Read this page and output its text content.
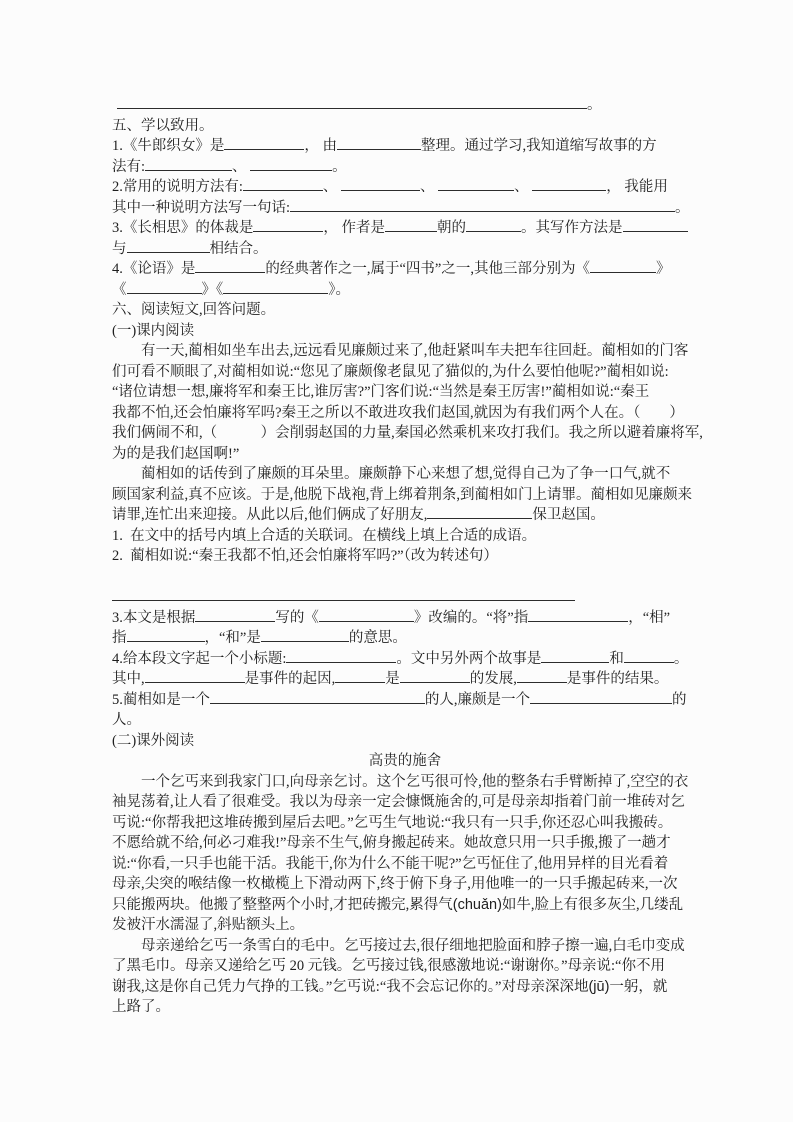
。
五、学以致用。
1.《牛郎织女》是	， 由	整理。通过学习,我知道缩写故事的方
法有:	、	。
2.常用的说明方法有:	、	、	、	， 我能用
其中一种说明方法写一句话:	。
3.《长相思》的体裁是	， 作者是	朝的	。其写作方法是
与	相结合。
4.《论语》是	的经典著作之一,属于“四书”之一,其他三部分别为《	》
《	》《	》。
六、阅读短文,回答问题。
(一)课内阅读
　　有一天,蔺相如坐车出去,远远看见廉颇过来了,他赶紧叫车夫把车往回赶。蔺相如的门客
们可看不顺眼了,对蔺相如说:“您见了廉颇像老鼠见了猫似的,为什么要怕他呢?”蔺相如说:
“诸位请想一想,廉将军和秦王比,谁厉害?”门客们说:“当然是秦王厉害!”蔺相如说:“秦王
我都不怕,还会怕廉将军吗?秦王之所以不敢进攻我们赵国,就因为有我们两个人在。（　　）
我们俩闹不和,（　　　）会削弱赵国的力量,秦国必然乘机来攻打我们。我之所以避着廉将军,
为的是我们赵国啊!”
　　蔺相如的话传到了廉颇的耳朵里。廉颇静下心来想了想,觉得自己为了争一口气,就不
顾国家利益,真不应该。于是,他脱下战袍,背上绑着荆条,到蔺相如门上请罪。蔺相如见廉颇来
请罪,连忙出来迎接。从此以后,他们俩成了好朋友,	保卫赵国。
1.  在文中的括号内填上合适的关联词。在横线上填上合适的成语。
2.  蔺相如说:“秦王我都不怕,还会怕廉将军吗?”（改为转述句）
3.本文是根据	写的《	》改编的。“将”指	，“相”
指	，“和”是	的意思。
4.给本段文字起一个小标题:	。文中另外两个故事是	和	。
其中,	是事件的起因,	是	的发展,	是事件的结果。
5.蔺相如是一个	的人,廉颇是一个	的
人。
(二)课外阅读
高贵的施舍
　　一个乞丐来到我家门口,向母亲乞讨。这个乞丐很可怜,他的整条右手臂断掉了,空空的衣
袖晃荡着,让人看了很难受。我以为母亲一定会慷慨施舍的,可是母亲却指着门前一堆砖对乞
丐说:“你帮我把这堆砖搬到屋后去吧。”乞丐生气地说:“我只有一只手,你还忍心叫我搬砖。
不愿给就不给,何必刁难我!”母亲不生气,俯身搬起砖来。她故意只用一只手搬,搬了一趟才
说:“你看,一只手也能干活。我能干,你为什么不能干呢?”乞丐怔住了,他用异样的目光看着
母亲,尖突的喉结像一枚橄榄上下滑动两下,终于俯下身子,用他唯一的一只手搬起砖来,一次
只能搬两块。他搬了整整两个小时,才把砖搬完,累得气(chuǎn)如牛,脸上有很多灰尘,几缕乱
发被汗水濡湿了,斜贴额头上。
　　母亲递给乞丐一条雪白的毛中。乞丐接过去,很仔细地把脸面和脖子擦一遍,白毛巾变成
了黑毛巾。母亲又递给乞丐 20 元钱。乞丐接过钱,很感激地说:“谢谢你。”母亲说:“你不用
谢我,这是你自己凭力气挣的工钱。”乞丐说:“我不会忘记你的。”对母亲深深地(jū)一躬，就
上路了。
